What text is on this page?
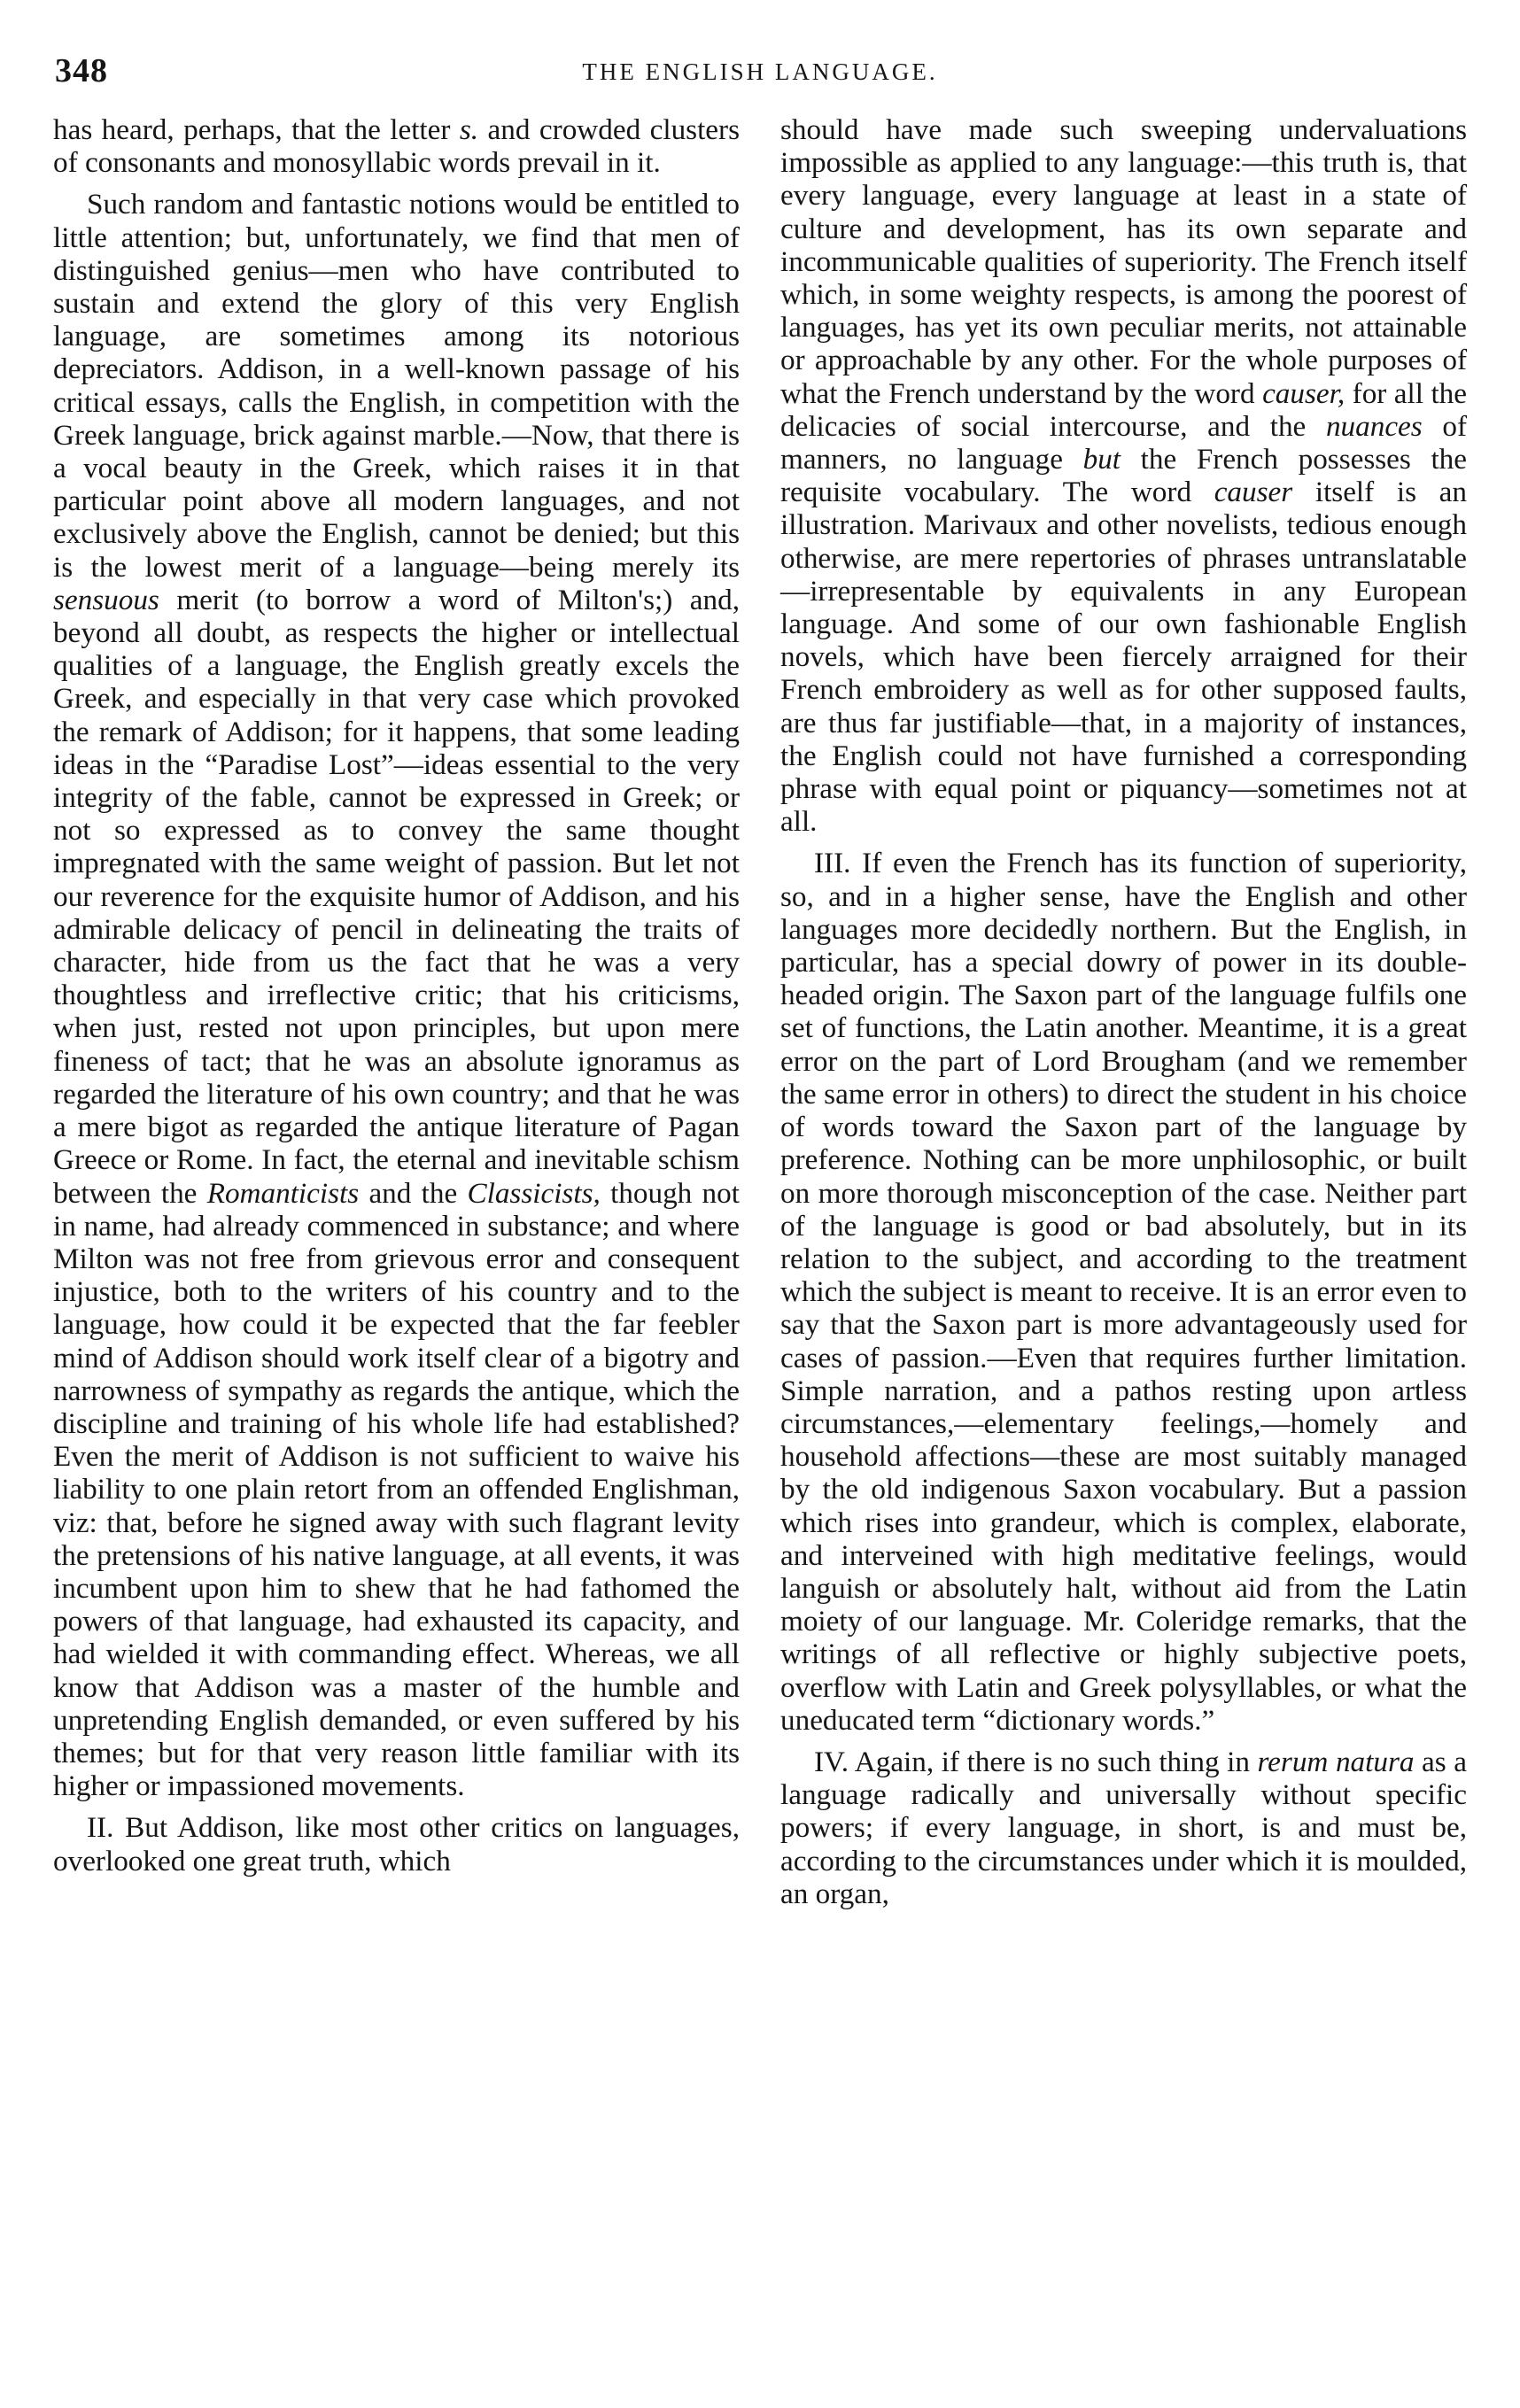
348	THE ENGLISH LANGUAGE.

has heard, perhaps, that the letter s. and crowded clusters of consonants and monosyllabic words prevail in it.

Such random and fantastic notions would be entitled to little attention; but, unfortunately, we find that men of distinguished genius—men who have contributed to sustain and extend the glory of this very English language, are sometimes among its notorious depreciators. Addison, in a well-known passage of his critical essays, calls the English, in competition with the Greek language, brick against marble.—Now, that there is a vocal beauty in the Greek, which raises it in that particular point above all modern languages, and not exclusively above the English, cannot be denied; but this is the lowest merit of a language—being merely its sensuous merit (to borrow a word of Milton's;) and, beyond all doubt, as respects the higher or intellectual qualities of a language, the English greatly excels the Greek, and especially in that very case which provoked the remark of Addison; for it happens, that some leading ideas in the “Paradise Lost”—ideas essential to the very integrity of the fable, cannot be expressed in Greek; or not so expressed as to convey the same thought impregnated with the same weight of passion. But let not our reverence for the exquisite humor of Addison, and his admirable delicacy of pencil in delineating the traits of character, hide from us the fact that he was a very thoughtless and irreflective critic; that his criticisms, when just, rested not upon principles, but upon mere fineness of tact; that he was an absolute ignoramus as regarded the literature of his own country; and that he was a mere bigot as regarded the antique literature of Pagan Greece or Rome. In fact, the eternal and inevitable schism between the Romanticists and the Classicists, though not in name, had already commenced in substance; and where Milton was not free from grievous error and consequent injustice, both to the writers of his country and to the language, how could it be expected that the far feebler mind of Addison should work itself clear of a bigotry and narrowness of sympathy as regards the antique, which the discipline and training of his whole life had established? Even the merit of Addison is not sufficient to waive his liability to one plain retort from an offended Englishman, viz: that, before he signed away with such flagrant levity the pretensions of his native language, at all events, it was incumbent upon him to shew that he had fathomed the powers of that language, had exhausted its capacity, and had wielded it with commanding effect. Whereas, we all know that Addison was a master of the humble and unpretending English demanded, or even suffered by his themes; but for that very reason little familiar with its higher or impassioned movements.

II. But Addison, like most other critics on languages, overlooked one great truth, which

should have made such sweeping undervaluations impossible as applied to any language:—this truth is, that every language, every language at least in a state of culture and development, has its own separate and incommunicable qualities of superiority. The French itself which, in some weighty respects, is among the poorest of languages, has yet its own peculiar merits, not attainable or approachable by any other. For the whole purposes of what the French understand by the word causer, for all the delicacies of social intercourse, and the nuances of manners, no language but the French possesses the requisite vocabulary. The word causer itself is an illustration. Marivaux and other novelists, tedious enough otherwise, are mere repertories of phrases untranslatable—irrepresentable by equivalents in any European language. And some of our own fashionable English novels, which have been fiercely arraigned for their French embroidery as well as for other supposed faults, are thus far justifiable—that, in a majority of instances, the English could not have furnished a corresponding phrase with equal point or piquancy—sometimes not at all.

III. If even the French has its function of superiority, so, and in a higher sense, have the English and other languages more decidedly northern. But the English, in particular, has a special dowry of power in its double-headed origin. The Saxon part of the language fulfils one set of functions, the Latin another. Meantime, it is a great error on the part of Lord Brougham (and we remember the same error in others) to direct the student in his choice of words toward the Saxon part of the language by preference. Nothing can be more unphilosophic, or built on more thorough misconception of the case. Neither part of the language is good or bad absolutely, but in its relation to the subject, and according to the treatment which the subject is meant to receive. It is an error even to say that the Saxon part is more advantageously used for cases of passion.—Even that requires further limitation. Simple narration, and a pathos resting upon artless circumstances,—elementary feelings,—homely and household affections—these are most suitably managed by the old indigenous Saxon vocabulary. But a passion which rises into grandeur, which is complex, elaborate, and interveined with high meditative feelings, would languish or absolutely halt, without aid from the Latin moiety of our language. Mr. Coleridge remarks, that the writings of all reflective or highly subjective poets, overflow with Latin and Greek polysyllables, or what the uneducated term “dictionary words.”

IV. Again, if there is no such thing in rerum natura as a language radically and universally without specific powers; if every language, in short, is and must be, according to the circumstances under which it is moulded, an organ,
